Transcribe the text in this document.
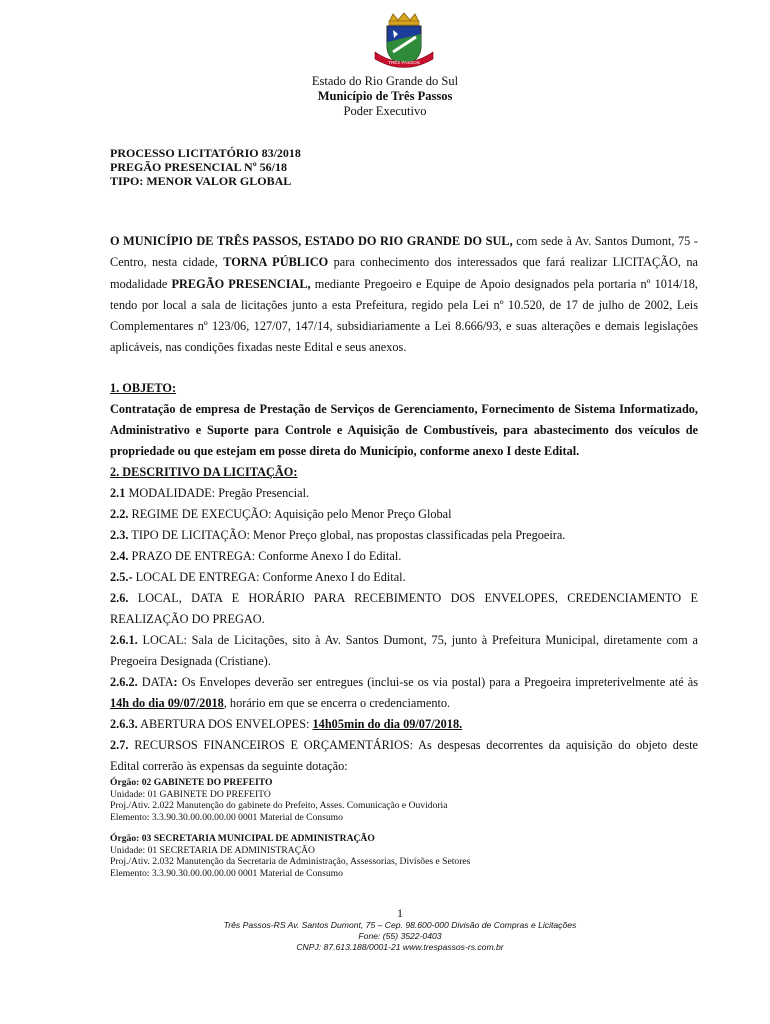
TRÊS PASSOS
Estado do Rio Grande do Sul
Município de Três Passos
Poder Executivo
PROCESSO LICITATÓRIO 83/2018
PREGÃO PRESENCIAL Nº 56/18
TIPO: MENOR VALOR GLOBAL
O MUNICÍPIO DE TRÊS PASSOS, ESTADO DO RIO GRANDE DO SUL, com sede à Av. Santos Dumont, 75 - Centro, nesta cidade, TORNA PÚBLICO para conhecimento dos interessados que fará realizar LICITAÇÃO, na modalidade PREGÃO PRESENCIAL, mediante Pregoeiro e Equipe de Apoio designados pela portaria nº 1014/18, tendo por local a sala de licitações junto a esta Prefeitura, regido pela Lei nº 10.520, de 17 de julho de 2002, Leis Complementares nº 123/06, 127/07, 147/14, subsidiariamente a Lei 8.666/93, e suas alterações e demais legislações aplicáveis, nas condições fixadas neste Edital e seus anexos.
1. OBJETO:

Contratação de empresa de Prestação de Serviços de Gerenciamento, Fornecimento de Sistema Informatizado, Administrativo e Suporte para Controle e Aquisição de Combustíveis, para abastecimento dos veículos de propriedade ou que estejam em posse direta do Município, conforme anexo I deste Edital.

2. DESCRITIVO DA LICITAÇÃO:

2.1 MODALIDADE: Pregão Presencial.

2.2. REGIME DE EXECUÇÃO: Aquisição pelo Menor Preço Global

2.3. TIPO DE LICITAÇÃO: Menor Preço global, nas propostas classificadas pela Pregoeira.

2.4. PRAZO DE ENTREGA: Conforme Anexo I do Edital.

2.5.- LOCAL DE ENTREGA: Conforme Anexo I do Edital.

2.6. LOCAL, DATA E HORÁRIO PARA RECEBIMENTO DOS ENVELOPES, CREDENCIAMENTO E REALIZAÇÃO DO PREGAO.

2.6.1. LOCAL: Sala de Licitações, sito à Av. Santos Dumont, 75, junto à Prefeitura Municipal, diretamente com a Pregoeira Designada (Cristiane).

2.6.2. DATA: Os Envelopes deverão ser entregues (inclui-se os via postal) para a Pregoeira impreterivelmente até às 14h do dia 09/07/2018, horário em que se encerra o credenciamento.

2.6.3. ABERTURA DOS ENVELOPES: 14h05min do dia 09/07/2018.

2.7. RECURSOS FINANCEIROS E ORÇAMENTÁRIOS: As despesas decorrentes da aquisição do objeto deste Edital correrão às expensas da seguinte dotação:

Órgão: 02 GABINETE DO PREFEITO
Unidade: 01 GABINETE DO PREFEITO
Proj./Ativ. 2.022 Manutenção do gabinete do Prefeito, Asses. Comunicação e Ouvidoria
Elemento: 3.3.90.30.00.00.00.00 0001 Material de Consumo
Órgão: 03 SECRETARIA MUNICIPAL DE ADMINISTRAÇÃO
Unidade: 01 SECRETARIA DE ADMINISTRAÇÃO
Proj./Ativ. 2.032 Manutenção da Secretaria de Administração, Assessorias, Divisões e Setores
Elemento: 3.3.90.30.00.00.00.00 0001 Material de Consumo
1
Três Passos-RS Av. Santos Dumont, 75 – Cep. 98.600-000 Divisão de Compras e Licitações
Fone: (55) 3522-0403
CNPJ: 87.613.188/0001-21 www.trespassos-rs.com.br
